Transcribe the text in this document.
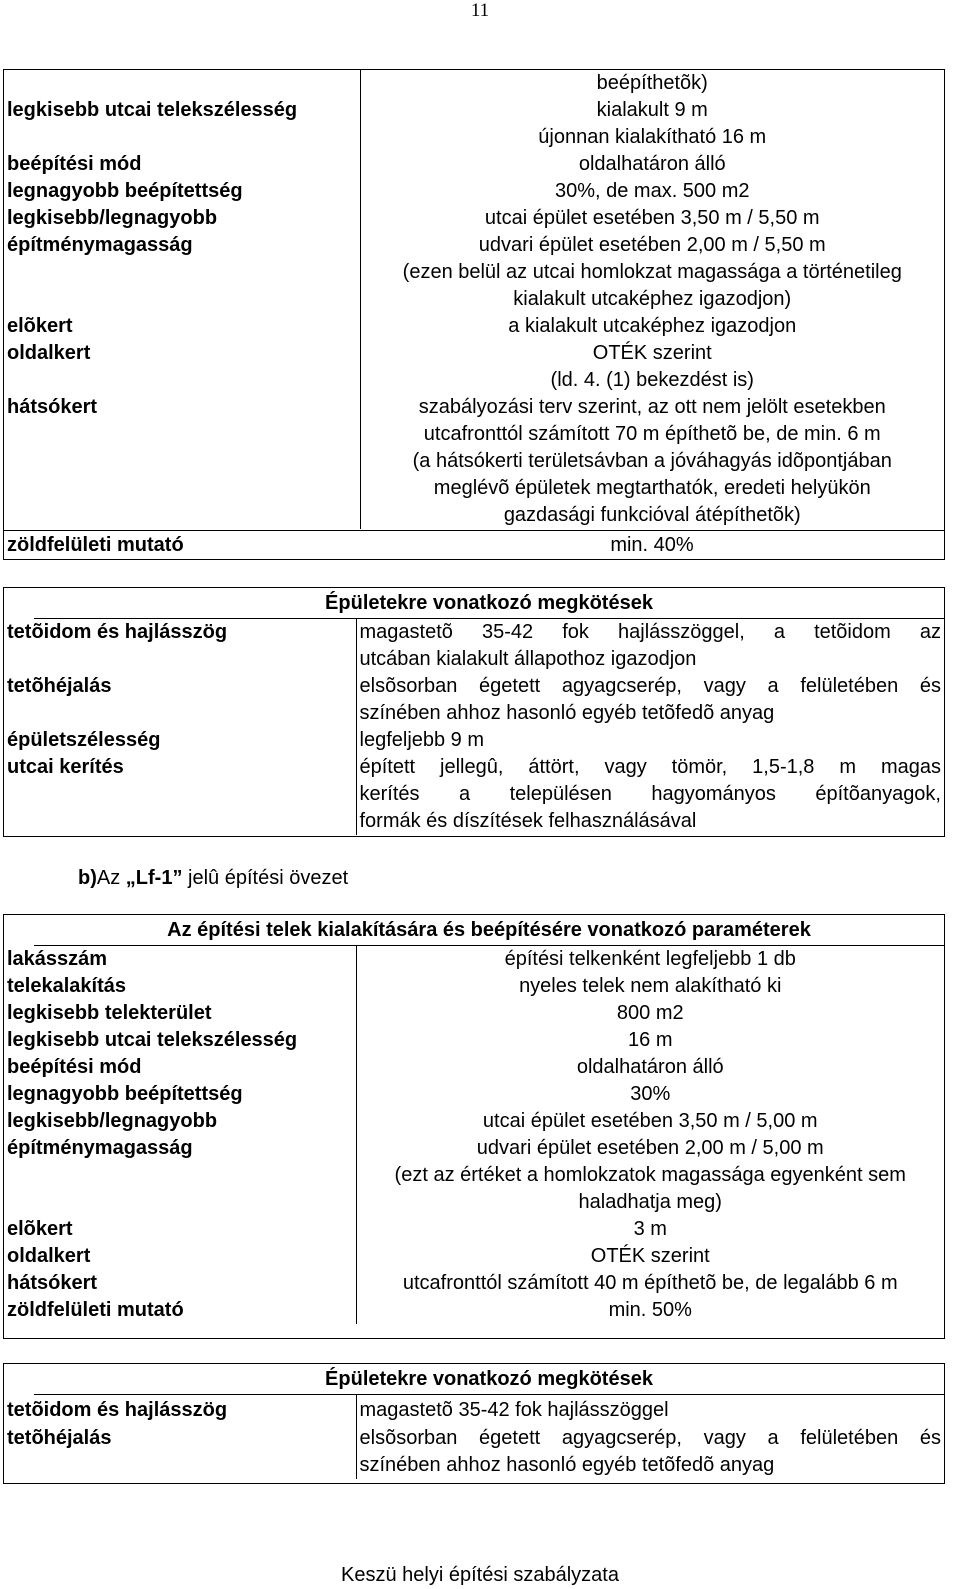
11

	beépíthetõk)

legkisebb utcai telekszélesség	kialakult 9 m
újonnan kialakítható 16 m

beépítési mód	oldalhatáron álló

legnagyobb beépítettség	30%, de max. 500 m2

legkisebb/legnagyobb építménymagasság	utcai épület esetében 3,50 m / 5,50 m
udvari épület esetében 2,00 m / 5,50 m
(ezen belül az utcai homlokzat magassága a történetileg
kialakult utcaképhez igazodjon)

elõkert	a kialakult utcaképhez igazodjon

oldalkert	OTÉK szerint
(ld. 4. (1) bekezdést is)

hátsókert	szabályozási terv szerint, az ott nem jelölt esetekben
utcafronttól számított 70 m építhetõ be, de min. 6 m
(a hátsókerti területsávban a jóváhagyás idõpontjában
meglévõ épületek megtarthatók, eredeti helyükön
gazdasági funkcióval átépíthetõk)
zöldfelületi mutató	min. 40%
Épületekre vonatkozó megkötések
tetõidom és hajlásszög	magastetõ 35-42 fok hajlásszöggel, a tetõidom az
utcában kialakult állapothoz igazodjon

tetõhéjalás	elsõsorban égetett agyagcserép, vagy a felületében és
színében ahhoz hasonló egyéb tetõfedõ anyag

épületszélesség	legfeljebb 9 m

utcai kerítés	épített jellegû, áttört, vagy tömör, 1,5-1,8 m magas
kerítés a településen hagyományos építõanyagok,
formák és díszítések felhasználásával
b)Az „Lf-1” jelû építési övezet
Az építési telek kialakítására és beépítésére vonatkozó paraméterek
lakásszám	építési telkenként legfeljebb 1 db

telekalakítás	nyeles telek nem alakítható ki

legkisebb telekterület	800 m2

legkisebb utcai telekszélesség	16 m

beépítési mód	oldalhatáron álló

legnagyobb beépítettség	30%

legkisebb/legnagyobb építménymagasság	utcai épület esetében 3,50 m / 5,00 m
udvari épület esetében 2,00 m / 5,00 m
(ezt az értéket a homlokzatok magassága egyenként sem
haladhatja meg)

elõkert	3 m

oldalkert	OTÉK szerint

hátsókert	utcafronttól számított 40 m építhetõ be, de legalább 6 m

zöldfelületi mutató	min. 50%
Épületekre vonatkozó megkötések
tetõidom és hajlásszög	magastetõ 35-42 fok hajlásszöggel

tetõhéjalás	elsõsorban égetett agyagcserép, vagy a felületében és
színében ahhoz hasonló egyéb tetõfedõ anyag
Keszü helyi építési szabályzata
